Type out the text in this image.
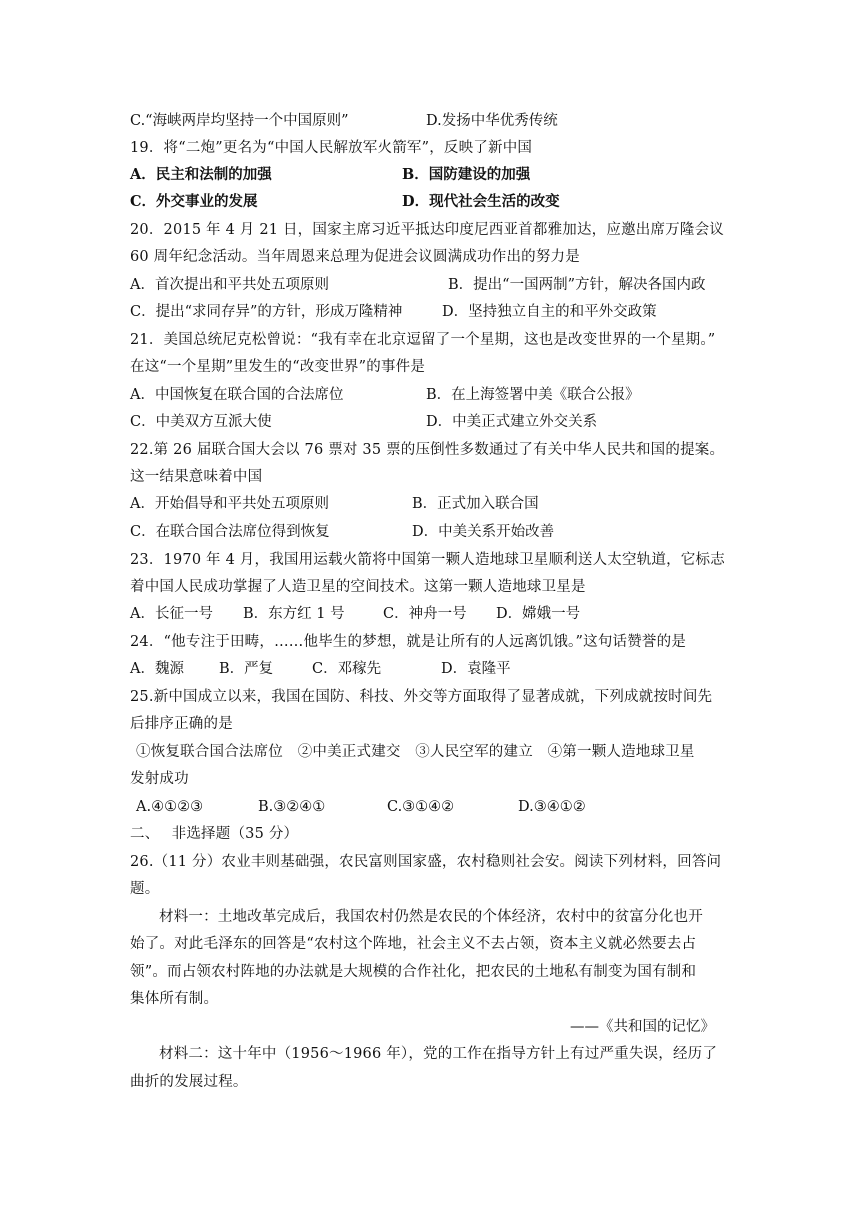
C.“海峡两岸均坚持一个中国原则”	D.发扬中华优秀传统
19．将“二炮”更名为“中国人民解放军火箭军”，反映了新中国
A．民主和法制的加强	B．国防建设的加强
C．外交事业的发展	D．现代社会生活的改变
20．2015 年 4 月 21 日，国家主席习近平抵达印度尼西亚首都雅加达，应邀出席万隆会议
60 周年纪念活动。当年周恩来总理为促进会议圆满成功作出的努力是
A．首次提出和平共处五项原则	B．提出“一国两制”方针，解决各国内政
C．提出“求同存异”的方针，形成万隆精神	D．坚持独立自主的和平外交政策
21．美国总统尼克松曾说：“我有幸在北京逗留了一个星期，这也是改变世界的一个星期。”
在这“一个星期”里发生的“改变世界”的事件是
A．中国恢复在联合国的合法席位	B．在上海签署中美《联合公报》
C．中美双方互派大使	D．中美正式建立外交关系
22.第 26 届联合国大会以 76 票对 35 票的压倒性多数通过了有关中华人民共和国的提案。
这一结果意味着中国
A．开始倡导和平共处五项原则	B．正式加入联合国
C．在联合国合法席位得到恢复	D．中美关系开始改善
23．1970 年 4 月，我国用运载火箭将中国第一颗人造地球卫星顺利送人太空轨道，它标志
着中国人民成功掌握了人造卫星的空间技术。这第一颗人造地球卫星是
A．长征一号 B．东方红 1 号	C．神舟一号 D．嫦娥一号
24．“他专注于田畴，……他毕生的梦想，就是让所有的人远离饥饿。”这句话赞誉的是
A．魏源 B．严复	C．邓稼先	D．袁隆平
25.新中国成立以来，我国在国防、科技、外交等方面取得了显著成就，下列成就按时间先
后排序正确的是
①恢复联合国合法席位　②中美正式建交　③人民空军的建立　④第一颗人造地球卫星
发射成功
A.④①②③	B.③②④①	C.③①④②	D.③④①②
二、　 非选择题（35 分）
26.（11 分）农业丰则基础强，农民富则国家盛，农村稳则社会安。阅读下列材料，回答问
题。
材料一：土地改革完成后，我国农村仍然是农民的个体经济，农村中的贫富分化也开
始了。对此毛泽东的回答是“农村这个阵地，社会主义不去占领，资本主义就必然要去占
领”。而占领农村阵地的办法就是大规模的合作社化，把农民的土地私有制变为国有制和
集体所有制。
——《共和国的记忆》
材料二：这十年中（1956～1966 年），党的工作在指导方针上有过严重失误，经历了
曲折的发展过程。
